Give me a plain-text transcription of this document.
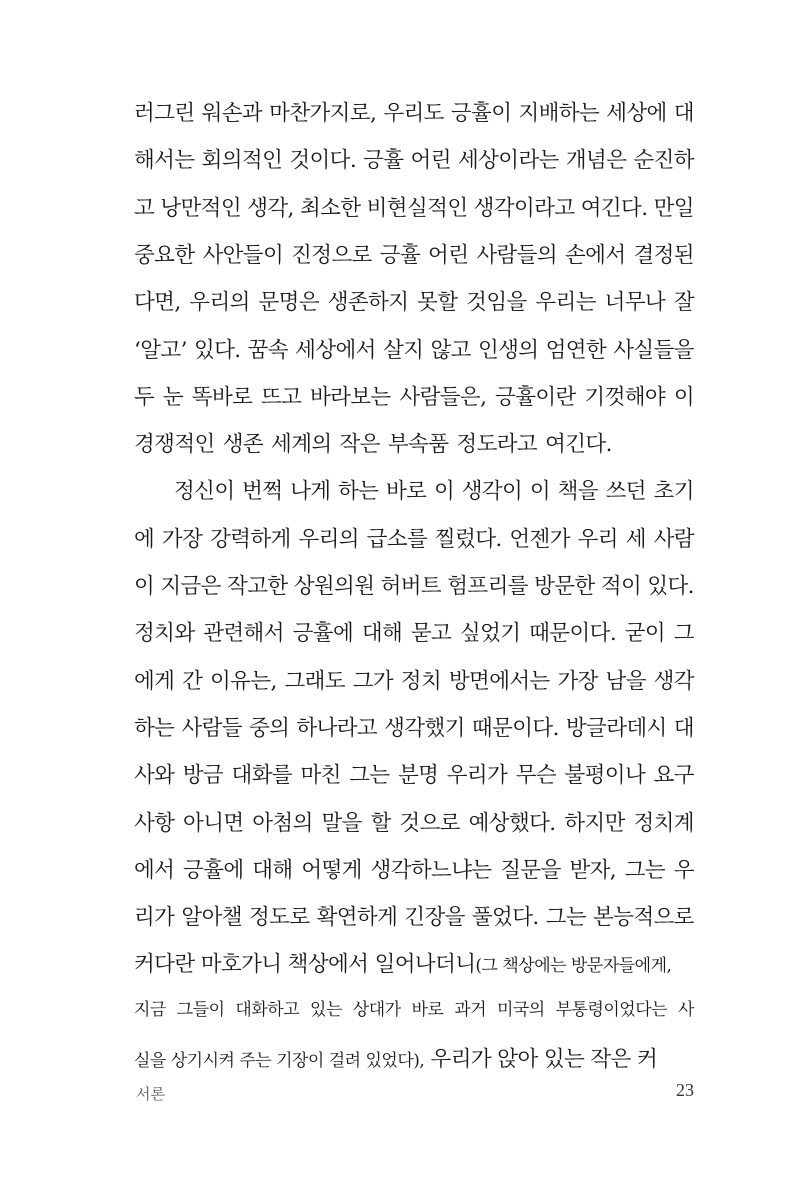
러그린 워손과 마찬가지로, 우리도 긍휼이 지배하는 세상에 대
해서는 회의적인 것이다. 긍휼 어린 세상이라는 개념은 순진하
고 낭만적인 생각, 최소한 비현실적인 생각이라고 여긴다. 만일
중요한 사안들이 진정으로 긍휼 어린 사람들의 손에서 결정된
다면, 우리의 문명은 생존하지 못할 것임을 우리는 너무나 잘
‘알고’ 있다. 꿈속 세상에서 살지 않고 인생의 엄연한 사실들을
두 눈 똑바로 뜨고 바라보는 사람들은, 긍휼이란 기껏해야 이
경쟁적인 생존 세계의 작은 부속품 정도라고 여긴다.
정신이 번쩍 나게 하는 바로 이 생각이 이 책을 쓰던 초기
에 가장 강력하게 우리의 급소를 찔렀다. 언젠가 우리 세 사람
이 지금은 작고한 상원의원 허버트 험프리를 방문한 적이 있다.
정치와 관련해서 긍휼에 대해 묻고 싶었기 때문이다. 굳이 그
에게 간 이유는, 그래도 그가 정치 방면에서는 가장 남을 생각
하는 사람들 중의 하나라고 생각했기 때문이다. 방글라데시 대
사와 방금 대화를 마친 그는 분명 우리가 무슨 불평이나 요구
사항 아니면 아첨의 말을 할 것으로 예상했다. 하지만 정치계
에서 긍휼에 대해 어떻게 생각하느냐는 질문을 받자, 그는 우
리가 알아챌 정도로 확연하게 긴장을 풀었다. 그는 본능적으로
커다란 마호가니 책상에서 일어나더니 (그 책상에는 방문자들에게,
지금 그들이 대화하고 있는 상대가 바로 과거 미국의 부통령이었다는 사
실을 상기시켜 주는 기장이 걸려 있었다), 우리가 앉아 있는 작은 커
서론	23
